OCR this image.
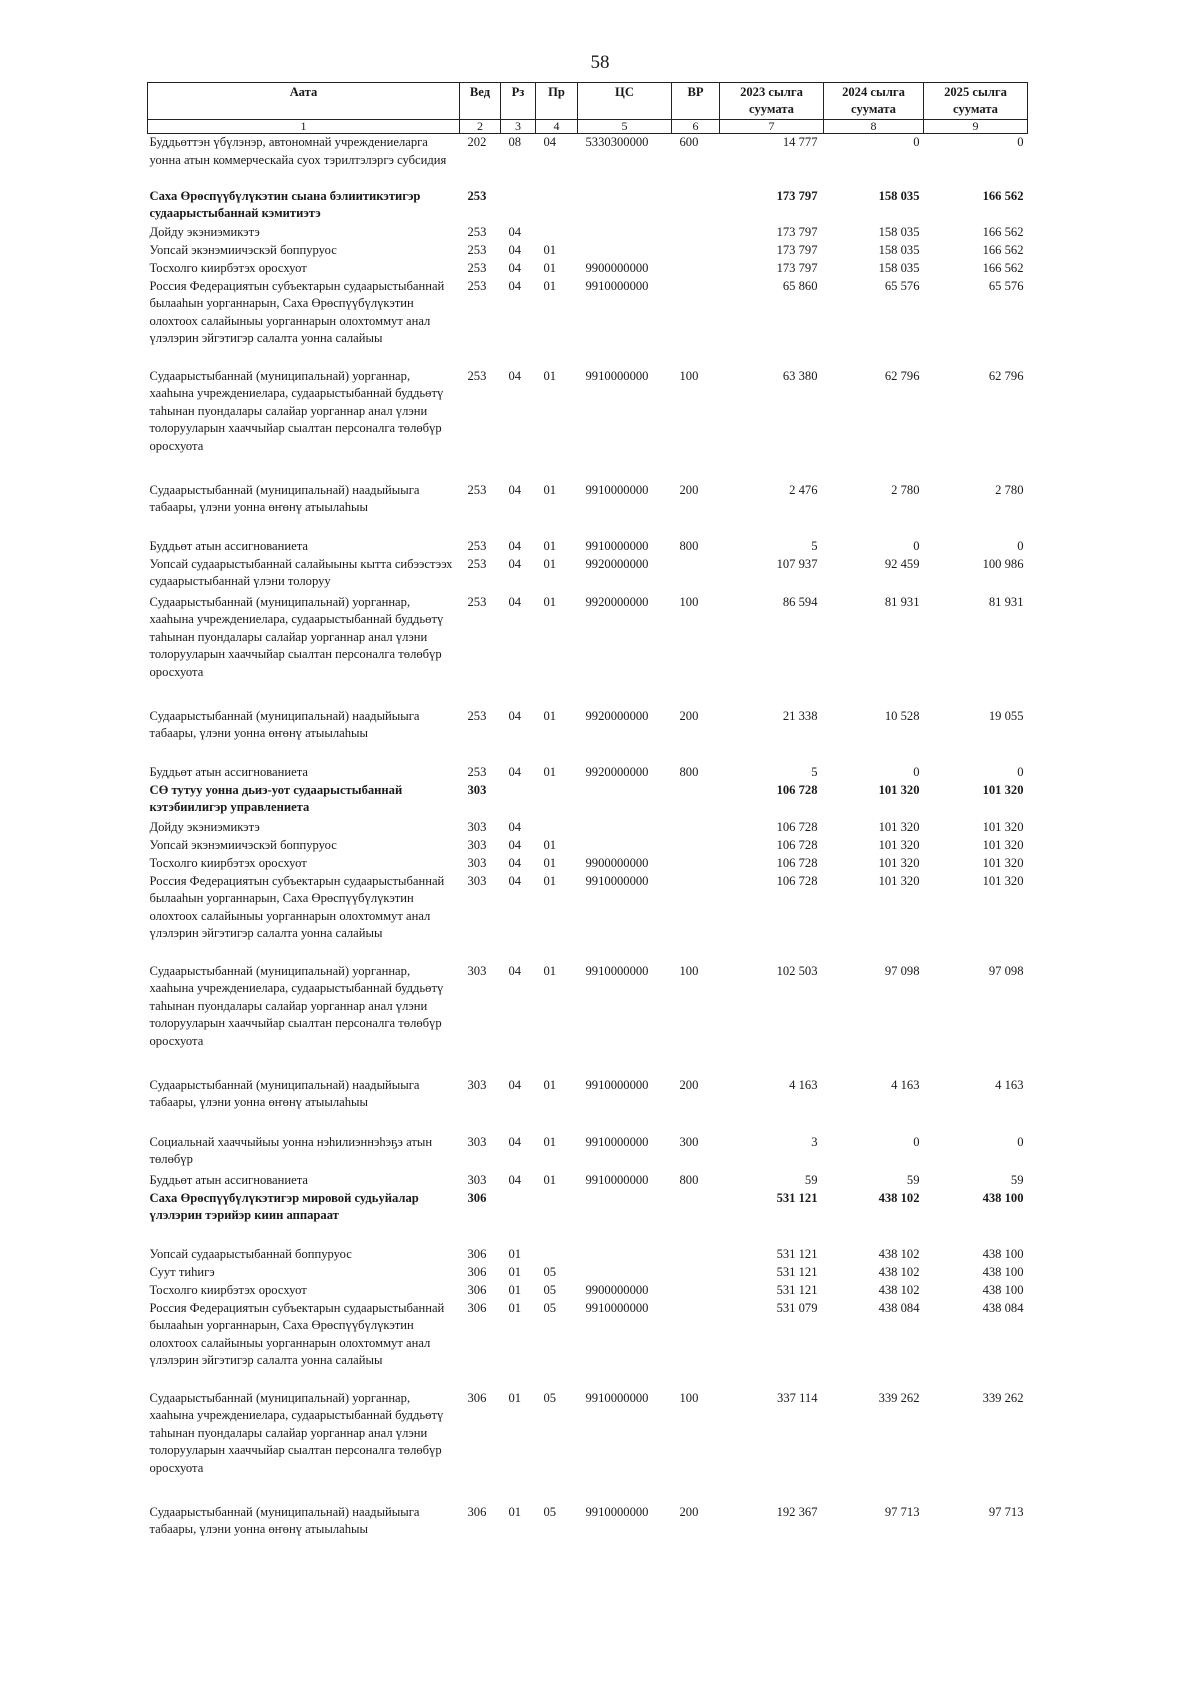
58
Аата	Вед	Рз	Пр	ЦС	ВР	2023 сылга суумата	2024 сылга суумата	2025 сылга суумата
1	2	3	4	5	6	7	8	9
Буддьөттэн үбүлэнэр, автономнай учреждениеларга уонна атын коммерческайа суох тэрилтэлэргэ субсидия	202	08	04	5330300000	600	14 777	0	0
Саха Өрөспүүбүлүкэтин сыана бэлиитикэтигэр судаарыстыбаннай кэмитиэтэ	253					173 797	158 035	166 562
Дойду экэниэмикэтэ	253	04				173 797	158 035	166 562
Уопсай экэнэмиичэскэй боппуруос	253	04	01			173 797	158 035	166 562
Тосхолго киирбэтэх оросхуот	253	04	01	9900000000		173 797	158 035	166 562
Россия Федерациятын субъектарын судаарыстыбаннай былааһын уорганнарын, Саха Өрөспүүбүлүкэтин олохтоох салайыныы уорганнарын олохтоммут анал үлэлэрин эйгэтигэр салалта уонна салайыы	253	04	01	9910000000		65 860	65 576	65 576
Судаарыстыбаннай (муниципальнай) уорганнар, хааһына учреждениелара, судаарыстыбаннай буддьөтү таһынан пуондалары салайар уорганнар анал үлэни толорууларын хааччыйар сыалтан персоналга төлөбүр оросхуота	253	04	01	9910000000	100	63 380	62 796	62 796
Судаарыстыбаннай (муниципальнай) наадыйыыга табаары, үлэни уонна өҥөнү атыылаһыы	253	04	01	9910000000	200	2 476	2 780	2 780
Буддьөт атын ассигнованиета	253	04	01	9910000000	800	5	0	0
Уопсай судаарыстыбаннай салайыыны кытта сибээстээх судаарыстыбаннай үлэни толоруу	253	04	01	9920000000		107 937	92 459	100 986
Судаарыстыбаннай (муниципальнай) уорганнар, хааһына учреждениелара, судаарыстыбаннай буддьөтү таһынан пуондалары салайар уорганнар анал үлэни толорууларын хааччыйар сыалтан персоналга төлөбүр оросхуота	253	04	01	9920000000	100	86 594	81 931	81 931
Судаарыстыбаннай (муниципальнай) наадыйыыга табаары, үлэни уонна өҥөнү атыылаһыы	253	04	01	9920000000	200	21 338	10 528	19 055
Буддьөт атын ассигнованиета	253	04	01	9920000000	800	5	0	0
СӨ тутуу уонна дьиэ-уот судаарыстыбаннай кэтэбиилигэр управлениета	303					106 728	101 320	101 320
Дойду экэниэмикэтэ	303	04				106 728	101 320	101 320
Уопсай экэнэмиичэскэй боппуруос	303	04	01			106 728	101 320	101 320
Тосхолго киирбэтэх оросхуот	303	04	01	9900000000		106 728	101 320	101 320
Россия Федерациятын субъектарын судаарыстыбаннай былааһын уорганнарын, Саха Өрөспүүбүлүкэтин олохтоох салайыныы уорганнарын олохтоммут анал үлэлэрин эйгэтигэр салалта уонна салайыы	303	04	01	9910000000		106 728	101 320	101 320
Судаарыстыбаннай (муниципальнай) уорганнар, хааһына учреждениелара, судаарыстыбаннай буддьөтү таһынан пуондалары салайар уорганнар анал үлэни толорууларын хааччыйар сыалтан персоналга төлөбүр оросхуота	303	04	01	9910000000	100	102 503	97 098	97 098
Судаарыстыбаннай (муниципальнай) наадыйыыга табаары, үлэни уонна өҥөнү атыылаһыы	303	04	01	9910000000	200	4 163	4 163	4 163
Социальнай хааччыйыы уонна нэһилиэннэһэҕэ атын төлөбүр	303	04	01	9910000000	300	3	0	0
Буддьөт атын ассигнованиета	303	04	01	9910000000	800	59	59	59
Саха Өрөспүүбүлүкэтигэр мировой судьуйалар үлэлэрин тэрийэр киин аппараат	306					531 121	438 102	438 100
Уопсай судаарыстыбаннай боппуруос	306	01				531 121	438 102	438 100
Суут тиһигэ	306	01	05			531 121	438 102	438 100
Тосхолго киирбэтэх оросхуот	306	01	05	9900000000		531 121	438 102	438 100
Россия Федерациятын субъектарын судаарыстыбаннай былааһын уорганнарын, Саха Өрөспүүбүлүкэтин олохтоох салайыныы уорганнарын олохтоммут анал үлэлэрин эйгэтигэр салалта уонна салайыы	306	01	05	9910000000		531 079	438 084	438 084
Судаарыстыбаннай (муниципальнай) уорганнар, хааһына учреждениелара, судаарыстыбаннай буддьөтү таһынан пуондалары салайар уорганнар анал үлэни толорууларын хааччыйар сыалтан персоналга төлөбүр оросхуота	306	01	05	9910000000	100	337 114	339 262	339 262
Судаарыстыбаннай (муниципальнай) наадыйыыга табаары, үлэни уонна өҥөнү атыылаһыы	306	01	05	9910000000	200	192 367	97 713	97 713
